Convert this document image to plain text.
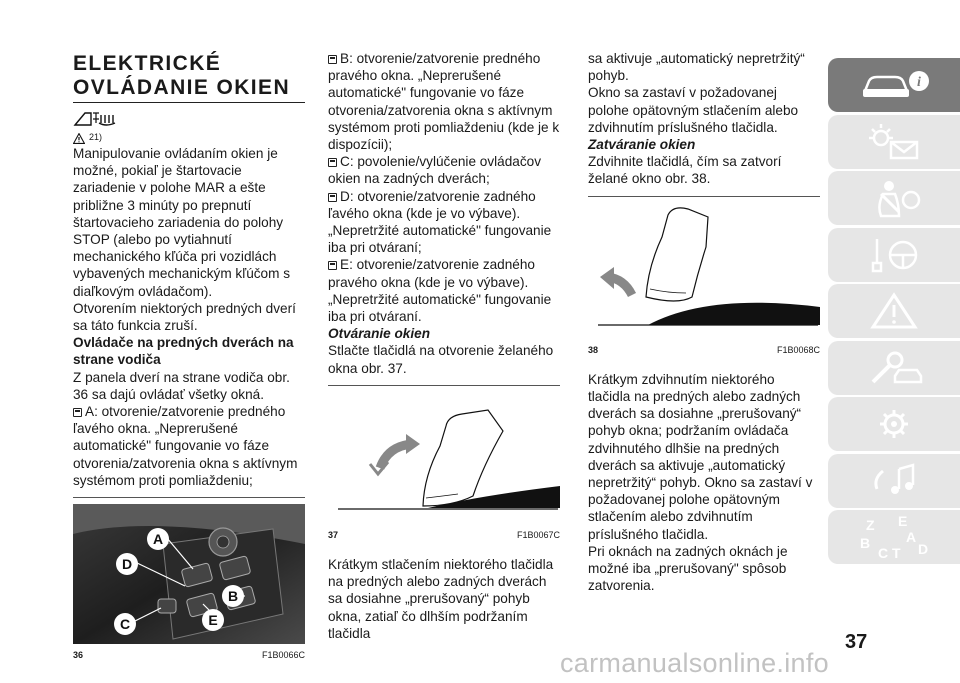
ELEKTRICKÉ

OVLÁDANIE OKIEN

21)

Manipulovanie ovládaním okien je možné, pokiaľ je štartovacie zariadenie v polohe MAR a ešte približne 3 minúty po prepnutí štartovacieho zariadenia do polohy STOP (alebo po vytiahnutí mechanického kľúča pri vozidlách vybavených mechanickým kľúčom s diaľkovým ovládačom).

Otvorením niektorých predných dverí sa táto funkcia zruší.

Ovládače na predných dverách na strane vodiča

Z panela dverí na strane vodiča obr. 36 sa dajú ovládať všetky okná.

A: otvorenie/zatvorenie predného ľavého okna. „Neprerušené automatické" fungovanie vo fáze otvorenia/zatvorenia okna s aktívnym systémom proti pomliaždeniu;

A
D
B
C	E
36	F1B0066C

B: otvorenie/zatvorenie predného pravého okna. „Neprerušené automatické" fungovanie vo fáze otvorenia/zatvorenia okna s aktívnym systémom proti pomliaždeniu (kde je k dispozícii);

C: povolenie/vylúčenie ovládačov okien na zadných dverách;

D: otvorenie/zatvorenie zadného ľavého okna (kde je vo výbave). „Nepretržité automatické" fungovanie iba pri otváraní;

E: otvorenie/zatvorenie zadného pravého okna (kde je vo výbave). „Nepretržité automatické" fungovanie iba pri otváraní.

Otváranie okien

Stlačte tlačidlá na otvorenie želaného okna obr. 37.

37	F1B0067C

Krátkym stlačením niektorého tlačidla na predných alebo zadných dverách sa dosiahne „prerušovaný“ pohyb okna, zatiaľ čo dlhším podržaním tlačidla

sa aktivuje „automatický nepretržitý“ pohyb.

Okno sa zastaví v požadovanej polohe opätovným stlačením alebo zdvihnutím príslušného tlačidla.

Zatváranie okien

Zdvihnite tlačidlá, čím sa zatvorí želané okno obr. 38.

38	F1B0068C

Krátkym zdvihnutím niektorého tlačidla na predných alebo zadných dverách sa dosiahne „prerušovaný“ pohyb okna; podržaním ovládača zdvihnutého dlhšie na predných dverách sa aktivuje „automatický nepretržitý“ pohyb. Okno sa zastaví v požadovanej polohe opätovným stlačením alebo zdvihnutím príslušného tlačidla.

Pri oknách na zadných oknách je možné iba „prerušovaný" spôsob zatvorenia.

i
Z E
A
B
C T D
37
carmanualsonline.info
